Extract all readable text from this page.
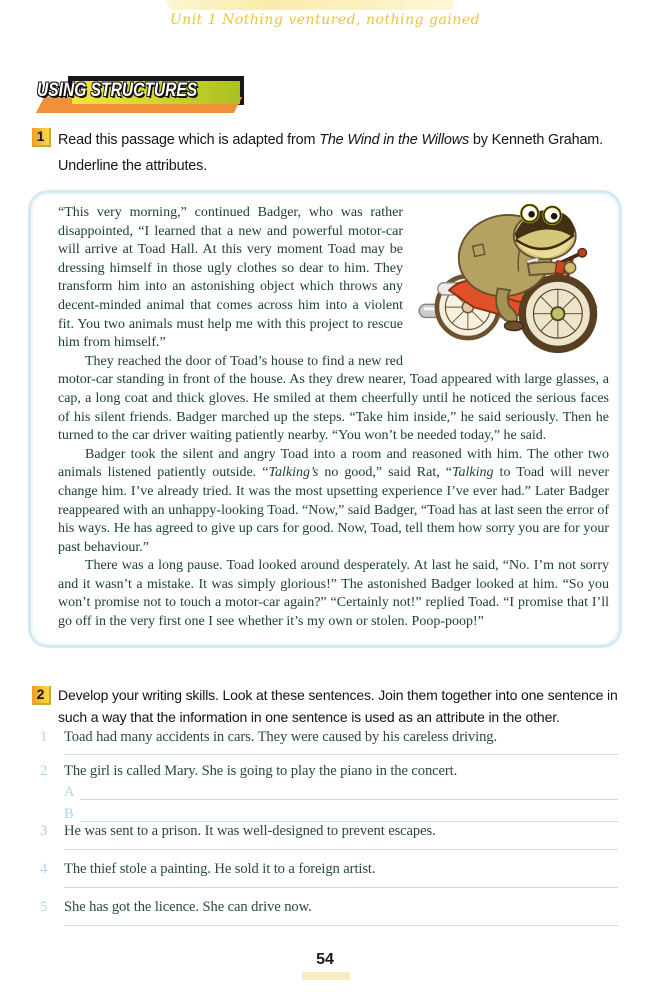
Unit 1 Nothing ventured, nothing gained
USING STRUCTURES
1 Read this passage which is adapted from The Wind in the Willows by Kenneth Graham.
Underline the attributes.

“This very morning,” continued Badger, who was rather disappointed, “I learned that a new and powerful motor-car will arrive at Toad Hall. At this very moment Toad may be dressing himself in those ugly clothes so dear to him. They transform him into an astonishing object which throws any decent-minded animal that comes across him into a violent fit. You two animals must help me with this project to rescue him from himself.”

They reached the door of Toad’s house to find a new red motor-car standing in front of the house. As they drew nearer, Toad appeared with large glasses, a cap, a long coat and thick gloves. He smiled at them cheerfully until he noticed the serious faces of his silent friends. Badger marched up the steps. “Take him inside,” he said seriously. Then he turned to the car driver waiting patiently nearby. “You won’t be needed today,” he said.

Badger took the silent and angry Toad into a room and reasoned with him. The other two animals listened patiently outside. “Talking’s no good,” said Rat, “Talking to Toad will never change him. I’ve already tried. It was the most upsetting experience I’ve ever had.” Later Badger reappeared with an unhappy-looking Toad. “Now,” said Badger, “Toad has at last seen the error of his ways. He has agreed to give up cars for good. Now, Toad, tell them how sorry you are for your past behaviour.”

There was a long pause. Toad looked around desperately. At last he said, “No. I’m not sorry and it wasn’t a mistake. It was simply glorious!” The astonished Badger looked at him. “So you won’t promise not to touch a motor-car again?” “Certainly not!” replied Toad. “I promise that I’ll go off in the very first one I see whether it’s my own or stolen. Poop-poop!”

2 Develop your writing skills. Look at these sentences. Join them together into one sentence in such a way that the information in one sentence is used as an attribute in the other.
1 Toad had many accidents in cars. They were caused by his careless driving.
2 The girl is called Mary. She is going to play the piano in the concert.
A
B
3 He was sent to a prison. It was well-designed to prevent escapes.
4 The thief stole a painting. He sold it to a foreign artist.
5 She has got the licence. She can drive now.
54
